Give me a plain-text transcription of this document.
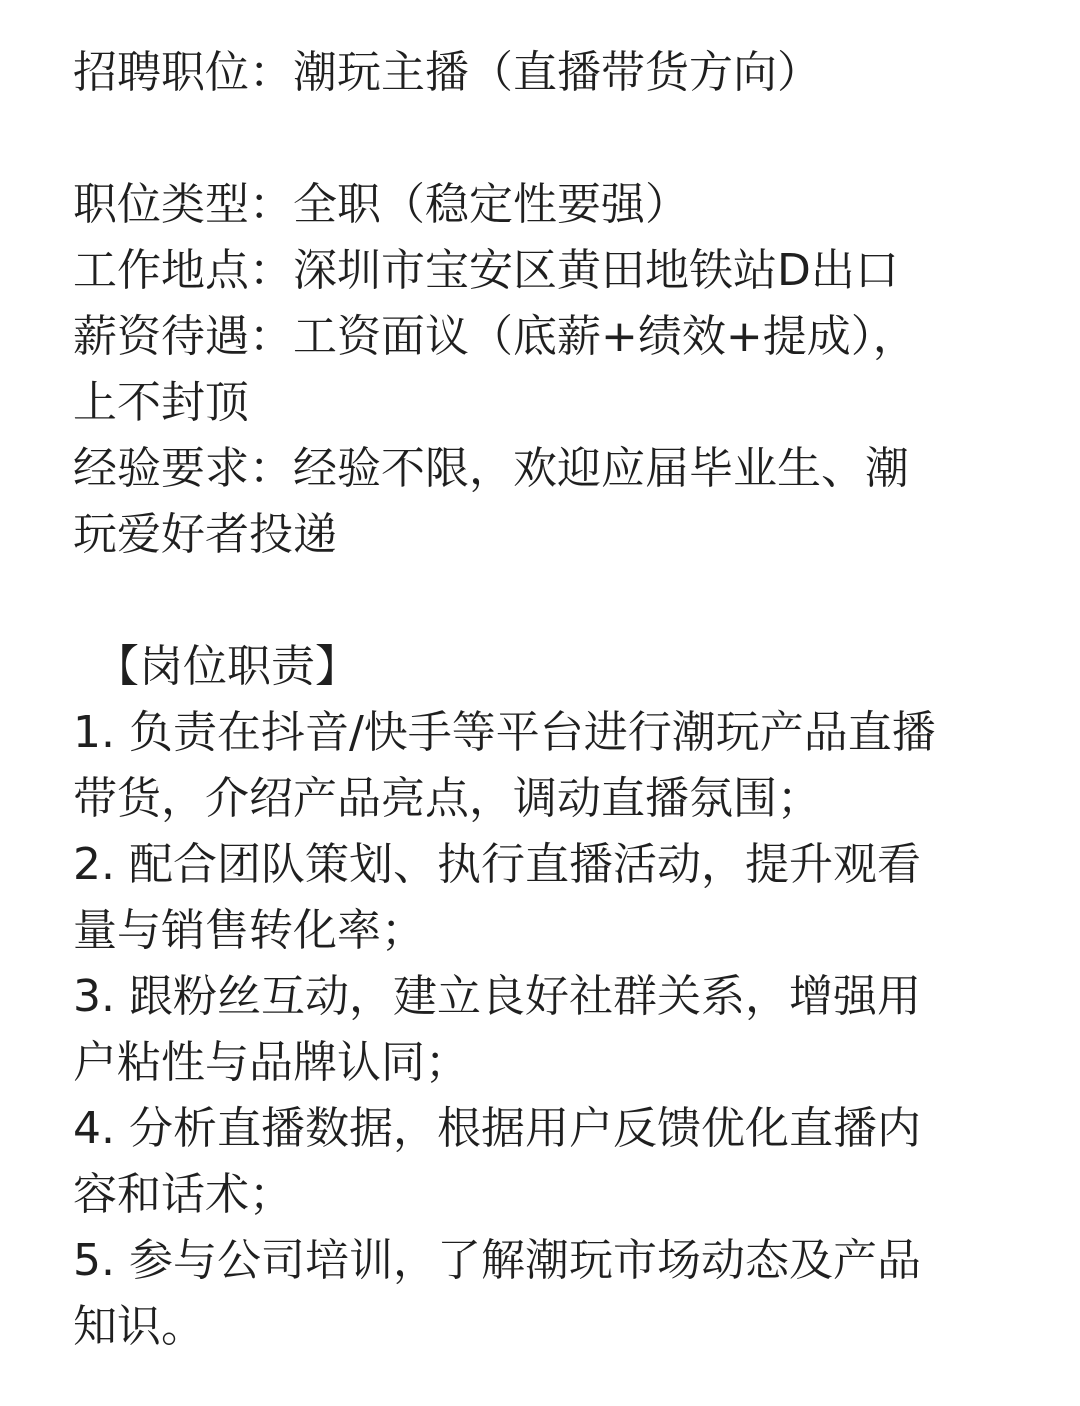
招聘职位：潮玩主播（直播带货方向）
职位类型：全职（稳定性要强）
工作地点：深圳市宝安区黄田地铁站D出口
薪资待遇：工资面议（底薪+绩效+提成），
上不封顶
经验要求：经验不限，欢迎应届毕业生、潮
玩爱好者投递
【岗位职责】
1. 负责在抖音/快手等平台进行潮玩产品直播
带货，介绍产品亮点，调动直播氛围；
2. 配合团队策划、执行直播活动，提升观看
量与销售转化率；
3. 跟粉丝互动，建立良好社群关系，增强用
户粘性与品牌认同；
4. 分析直播数据，根据用户反馈优化直播内
容和话术；
5. 参与公司培训，了解潮玩市场动态及产品
知识。
